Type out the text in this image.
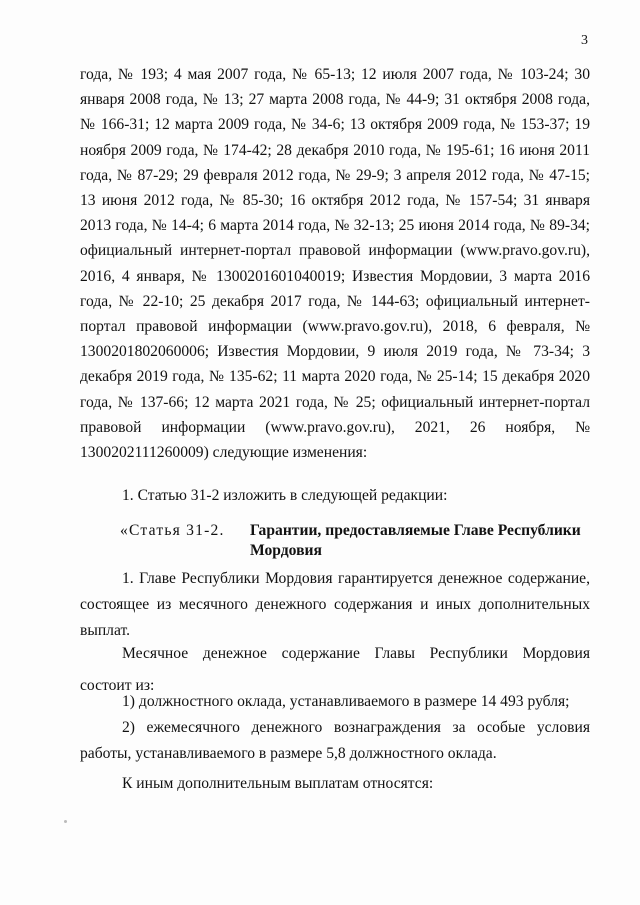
3

года, № 193; 4 мая 2007 года, № 65-13; 12 июля 2007 года, № 103-24; 30 января 2008 года, № 13; 27 марта 2008 года, № 44-9; 31 октября 2008 года, № 166-31; 12 марта 2009 года, № 34-6; 13 октября 2009 года, № 153-37; 19 ноября 2009 года, № 174-42; 28 декабря 2010 года, № 195-61; 16 июня 2011 года, № 87-29; 29 февраля 2012 года, № 29-9; 3 апреля 2012 года, № 47-15; 13 июня 2012 года, № 85-30; 16 октября 2012 года, № 157-54; 31 января 2013 года, № 14-4; 6 марта 2014 года, № 32-13; 25 июня 2014 года, № 89-34; официальный интернет-портал правовой информации (www.pravo.gov.ru), 2016, 4 января, № 1300201601040019; Известия Мордовии, 3 марта 2016 года, № 22-10; 25 декабря 2017 года, № 144-63; официальный интернет-портал правовой информации (www.pravo.gov.ru), 2018, 6 февраля, № 1300201802060006; Известия Мордовии, 9 июля 2019 года, № 73-34; 3 декабря 2019 года, № 135-62; 11 марта 2020 года, № 25-14; 15 декабря 2020 года, № 137-66; 12 марта 2021 года, № 25; официальный интернет-портал правовой информации (www.pravo.gov.ru), 2021, 26 ноября, № 1300202111260009) следующие изменения:

1. Статью 31-2 изложить в следующей редакции:

«Статья 31-2. Гарантии, предоставляемые Главе Республики Мордовия

1. Главе Республики Мордовия гарантируется денежное содержание, состоящее из месячного денежного содержания и иных дополнительных выплат.

Месячное денежное содержание Главы Республики Мордовия состоит из:

1) должностного оклада, устанавливаемого в размере 14 493 рубля;

2) ежемесячного денежного вознаграждения за особые условия работы, устанавливаемого в размере 5,8 должностного оклада.

К иным дополнительным выплатам относятся:
